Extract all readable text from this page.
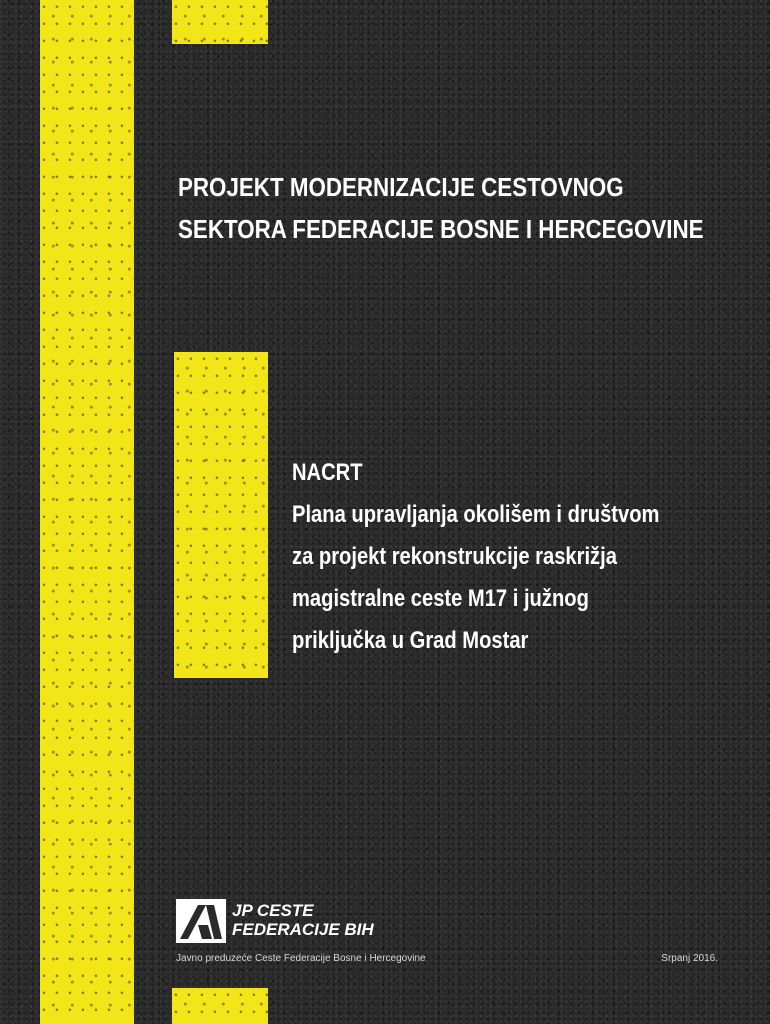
PROJEKT MODERNIZACIJE CESTOVNOG
SEKTORA FEDERACIJE BOSNE I HERCEGOVINE
NACRT
Plana upravljanja okolišem i društvom
za projekt rekonstrukcije raskrižja
magistralne ceste M17 i južnog
priključka u Grad Mostar
JP CESTE
FEDERACIJE BIH
Javno preduzeće Ceste Federacije Bosne i Hercegovine	Srpanj 2016.
